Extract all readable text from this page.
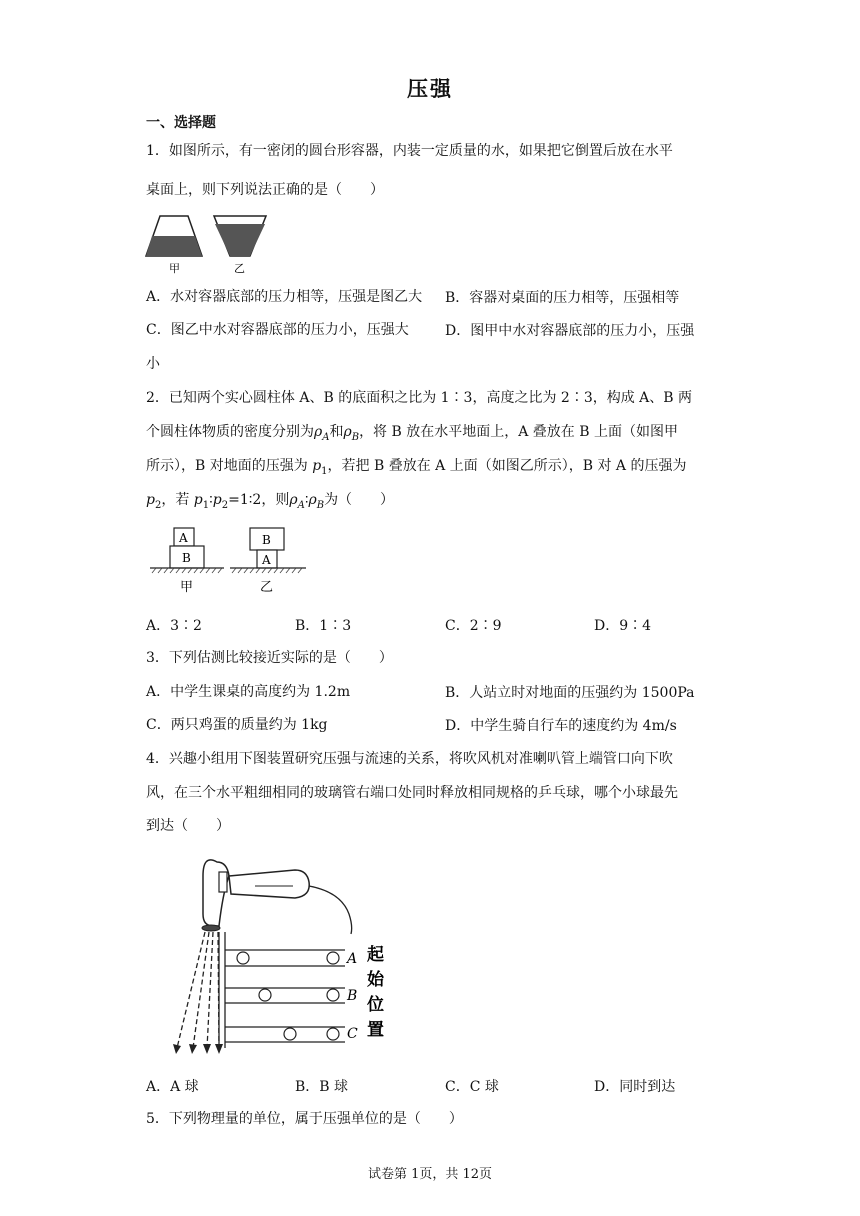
压强
一、选择题
1．如图所示，有一密闭的圆台形容器，内装一定质量的水，如果把它倒置后放在水平
桌面上，则下列说法正确的是（　　）
甲	乙
A．水对容器底部的压力相等，压强是图乙大 B．容器对桌面的压力相等，压强相等
C．图乙中水对容器底部的压力小，压强大	D．图甲中水对容器底部的压力小，压强
小
2．已知两个实心圆柱体 A、B 的底面积之比为 1∶3，高度之比为 2∶3，构成 A、B 两
个圆柱体物质的密度分别为$\rho_A$和$\rho_B$，将 B 放在水平地面上，A 叠放在 B 上面（如图甲
所示），B 对地面的压强为 $p_1$，若把 B 叠放在 A 上面（如图乙所示），B 对 A 的压强为
$p_2$，若 $p_1∶p_2=1∶2$，则$\rho_A∶\rho_B$为（　　）
A
B
甲
B
A
乙
A．3∶2	B．1∶3	C．2∶9	D．9∶4
3．下列估测比较接近实际的是（　　）
A．中学生课桌的高度约为 1.2m	B．人站立时对地面的压强约为 1500Pa
C．两只鸡蛋的质量约为 1kg	D．中学生骑自行车的速度约为 4m/s
4．兴趣小组用下图装置研究压强与流速的关系，将吹风机对准喇叭管上端管口向下吹
风，在三个水平粗细相同的玻璃管右端口处同时释放相同规格的乒乓球，哪个小球最先
到达（　　）
A
B
C
起
始
位
置
A．A 球	B．B 球	C．C 球	D．同时到达
5．下列物理量的单位，属于压强单位的是（　　）
试卷第 1页，共 12页
